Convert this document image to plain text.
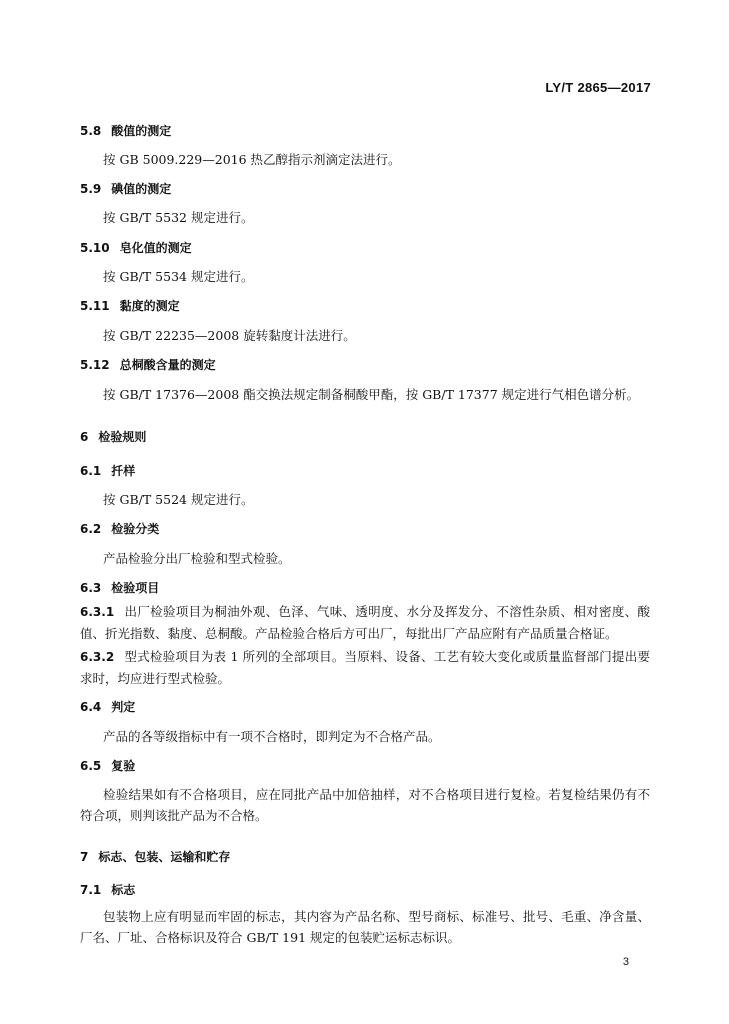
LY/T 2865—2017
5.8 酸值的测定
按 GB 5009.229—2016 热乙醇指示剂滴定法进行。
5.9 碘值的测定
按 GB/T 5532 规定进行。
5.10 皂化值的测定
按 GB/T 5534 规定进行。
5.11 黏度的测定
按 GB/T 22235—2008 旋转黏度计法进行。
5.12 总桐酸含量的测定
按 GB/T 17376—2008 酯交换法规定制备桐酸甲酯，按 GB/T 17377 规定进行气相色谱分析。
6 检验规则
6.1 扦样
按 GB/T 5524 规定进行。
6.2 检验分类
产品检验分出厂检验和型式检验。
6.3 检验项目
6.3.1 出厂检验项目为桐油外观、色泽、气味、透明度、水分及挥发分、不溶性杂质、相对密度、酸值、折光指数、黏度、总桐酸。产品检验合格后方可出厂，每批出厂产品应附有产品质量合格证。
6.3.2 型式检验项目为表 1 所列的全部项目。当原料、设备、工艺有较大变化或质量监督部门提出要求时，均应进行型式检验。
6.4 判定
产品的各等级指标中有一项不合格时，即判定为不合格产品。
6.5 复验
检验结果如有不合格项目，应在同批产品中加倍抽样，对不合格项目进行复检。若复检结果仍有不符合项，则判该批产品为不合格。
7 标志、包装、运输和贮存
7.1 标志
包装物上应有明显而牢固的标志，其内容为产品名称、型号商标、标准号、批号、毛重、净含量、厂名、厂址、合格标识及符合 GB/T 191 规定的包装贮运标志标识。
3
